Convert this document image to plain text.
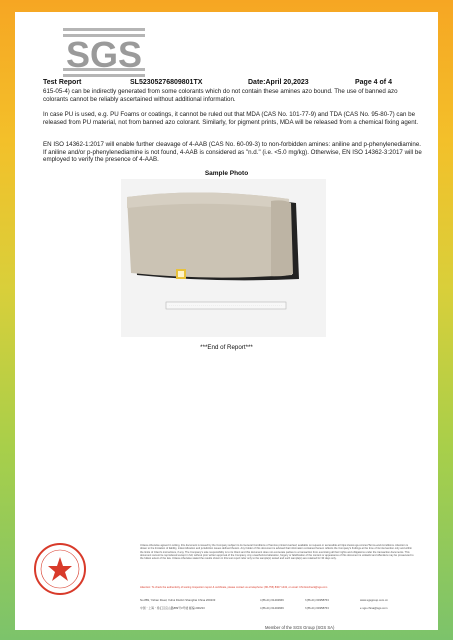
SGS
Test Report	SL52305276809801TX	Date:April 20,2023	Page 4 of 4

615-05-4) can be indirectly generated from some colorants which do not contain these amines azo bound. The use of banned azo colorants cannot be reliably ascertained without additional information.

In case PU is used, e.g. PU Foams or coatings, it cannot be ruled out that MDA (CAS No. 101-77-9) and TDA (CAS No. 95-80-7) can be released from PU material, not from banned azo colorant. Similarly, for pigment prints, MDA will be released from a chemical fixing agent.

EN ISO 14362-1:2017 will enable further cleavage of 4-AAB (CAS No. 60-09-3) to non-forbidden amines: aniline and p-phenylenediamine. If aniline and/or p-phenylenediamine is not found, 4-AAB is considered as "n.d." (i.e. <5.0 mg/kg). Otherwise, EN ISO 14362-3:2017 will be employed to verify the presence of 4-AAB.

Sample Photo
***End of Report***
Unless otherwise agreed in writing, this document is issued by the Company subject to its General Conditions of Service printed overleaf, available on request or accessible at https://www.sgs.com/en/Terms-and-Conditions. Attention is drawn to the limitation of liability, indemnification and jurisdiction issues defined therein. Any holder of this document is advised that information contained hereon reflects the Company's findings at the time of its intervention only and within the limits of Client's instructions, if any. The Company's sole responsibility is to its Client and this document does not exonerate parties to a transaction from exercising all their rights and obligations under the transaction documents. This document cannot be reproduced except in full, without prior written approval of the Company. Any unauthorized alteration, forgery or falsification of the content or appearance of this document is unlawful and offenders may be prosecuted to the fullest extent of the law. Unless otherwise stated the results shown in this test report refer only to the sample(s) tested and such sample(s) are retained for 30 days only.
Attention: To check the authenticity of testing /inspection report & certificate, please contact us at telephone: (86-755) 8307 1443, or email: CN.Doccheck@sgs.com
No.889, Yishan Road, Xuhui District Shanghai China 200233	t (86-21) 61402666	f (86-21) 64958763	www.sgsgroup.com.cn
中国・上海・徐汇区宜山路889号3号楼 邮编:200233	t (86-21) 61402666	f (86-21) 64958763	e sgs.china@sgs.com
Member of the SGS Group (SGS SA)
